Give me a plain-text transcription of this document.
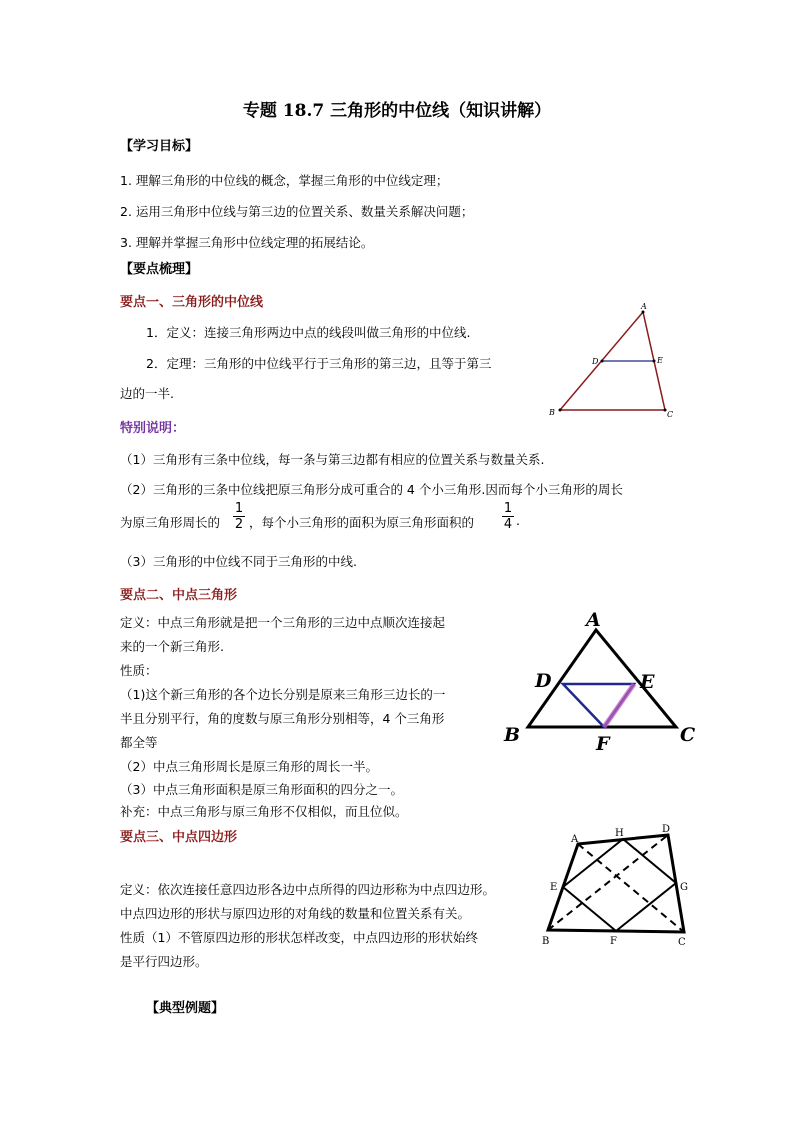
专题 18.7 三角形的中位线（知识讲解）
【学习目标】
1. 理解三角形的中位线的概念，掌握三角形的中位线定理；
2. 运用三角形中位线与第三边的位置关系、数量关系解决问题；
3. 理解并掌握三角形中位线定理的拓展结论。
【要点梳理】
要点一、三角形的中位线
1．定义：连接三角形两边中点的线段叫做三角形的中位线.
2．定理：三角形的中位线平行于三角形的第三边，且等于第三
边的一半.
A
B	C
D	E
特别说明：
（1）三角形有三条中位线，每一条与第三边都有相应的位置关系与数量关系.
（2）三角形的三条中位线把原三角形分成可重合的 4 个小三角形.因而每个小三角形的周长
为原三角形周长的
1
2 ，每个小三角形的面积为原三角形面积的
1
4 .
（3）三角形的中位线不同于三角形的中线.
要点二、中点三角形
定义：中点三角形就是把一个三角形的三边中点顺次连接起
来的一个新三角形.
性质：
（1)这个新三角形的各个边长分别是原来三角形三边长的一
半且分别平行，角的度数与原三角形分别相等，4 个三角形
都全等
（2）中点三角形周长是原三角形的周长一半。
（3）中点三角形面积是原三角形面积的四分之一。
补充：中点三角形与原三角形不仅相似，而且位似。
A
B	C
D	E
F
要点三、中点四边形
定义：依次连接任意四边形各边中点所得的四边形称为中点四边形。
中点四边形的形状与原四边形的对角线的数量和位置关系有关。
性质（1）不管原四边形的形状怎样改变，中点四边形的形状始终
是平行四边形。
A
H	D
E	G
B	F	C
【典型例题】
